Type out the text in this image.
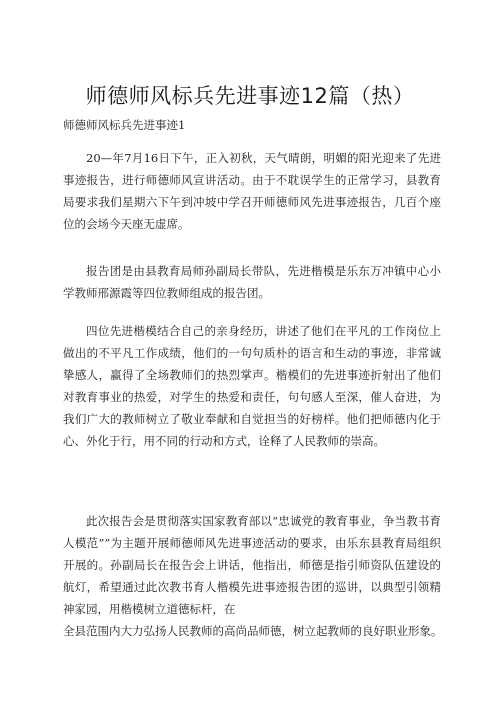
师德师风标兵先进事迹12篇（热）

师德师风标兵先进事迹1

20—年7月16日下午，正入初秋，天气晴朗，明媚的阳光迎来了先进事迹报告，进行师德师风宣讲活动。由于不耽误学生的正常学习，县教育局要求我们星期六下午到冲坡中学召开师德师风先进事迹报告，几百个座位的会场今天座无虚席。

报告团是由县教育局师孙副局长带队，先进楷模是乐东万冲镇中心小学教师邢源霞等四位教师组成的报告团。

四位先进楷模结合自己的亲身经历，讲述了他们在平凡的工作岗位上做出的不平凡工作成绩，他们的一句句质朴的语言和生动的事迹，非常诚挚感人，赢得了全场教师们的热烈掌声。楷模们的先进事迹折射出了他们对教育事业的热爱，对学生的热爱和责任，句句感人至深，催人奋进，为我们广大的教师树立了敬业奉献和自觉担当的好榜样。他们把师德内化于心、外化于行，用不同的行动和方式，诠释了人民教师的崇高。

此次报告会是贯彻落实国家教育部以“忠诚党的教育事业，争当教书育人模范””为主题开展师德师风先进事迹活动的要求，由乐东县教育局组织开展的。孙副局长在报告会上讲话，他指出，师德是指引师资队伍建设的航灯，希望通过此次教书育人楷模先进事迹报告团的巡讲，以典型引领精神家园，用楷模树立道德标杆，在

全县范围内大力弘扬人民教师的高尚品师德，树立起教师的良好职业形象。
